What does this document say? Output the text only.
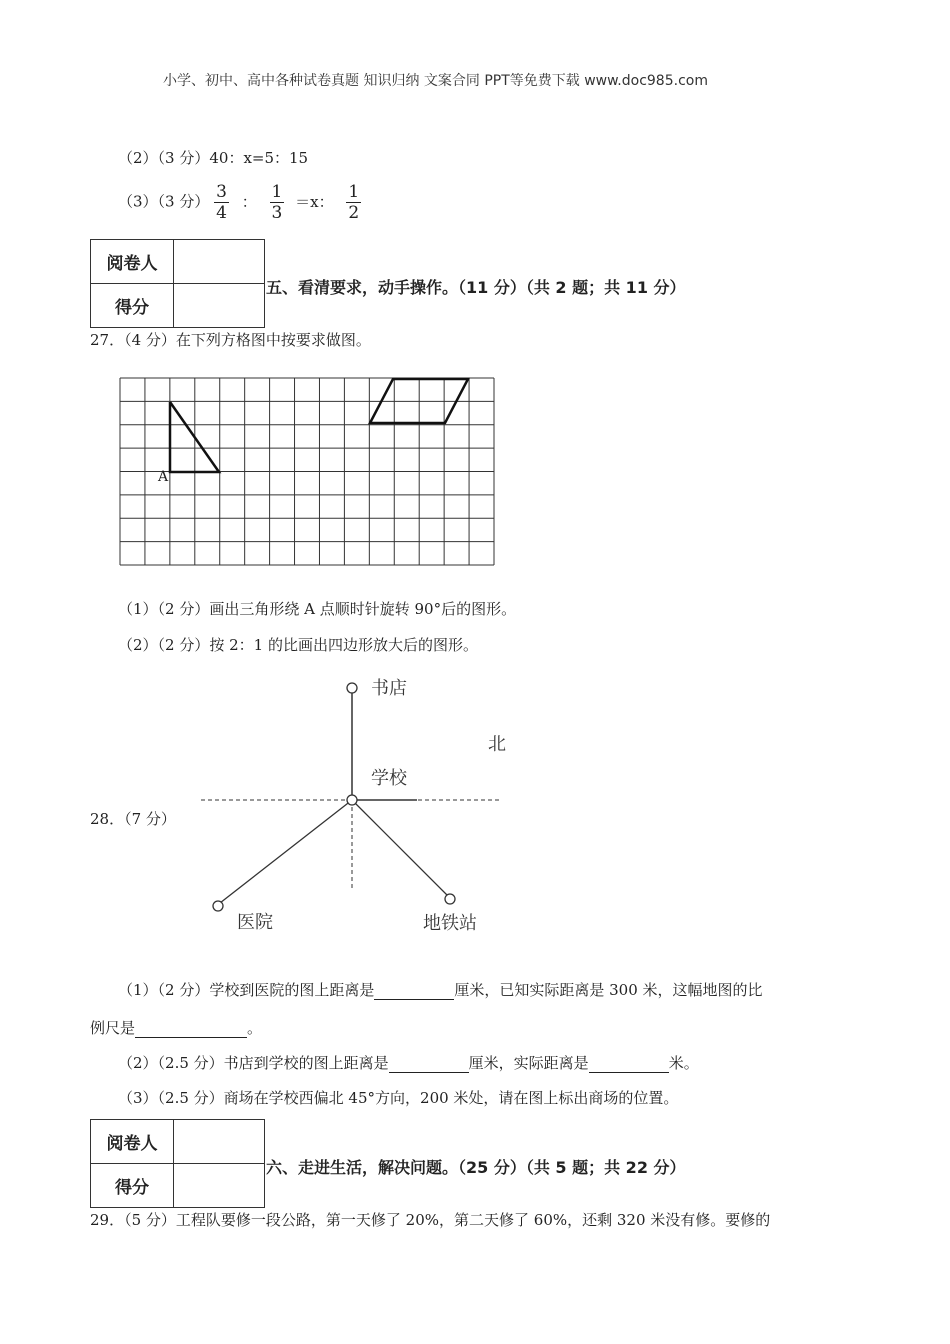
小学、初中、高中各种试卷真题 知识归纳 文案合同 PPT等免费下载 www.doc985.com
（2）（3 分）40：x=5：15
（3）（3 分） $\frac{3}{4}$ ： $\frac{1}{3} =x$： $\frac{1}{2}$
阅卷人	
得分	
五、看清要求，动手操作。（11 分）（共 2 题；共 11 分）
27．（4 分）在下列方格图中按要求做图。
A
（1）（2 分）画出三角形绕 A 点顺时针旋转 90°后的图形。
（2）（2 分）按 2：1 的比画出四边形放大后的图形。
28．（7 分）
书店
学校
北
医院	地铁站
（1）（2 分）学校到医院的图上距离是	厘米，已知实际距离是 300 米，这幅地图的比
例尺是	。
（2）（2.5 分）书店到学校的图上距离是	厘米，实际距离是	米。
（3）（2.5 分）商场在学校西偏北 45°方向，200 米处，请在图上标出商场的位置。
阅卷人	
得分	
六、走进生活，解决问题。（25 分）（共 5 题；共 22 分）
29．（5 分）工程队要修一段公路，第一天修了 20%，第二天修了 60%，还剩 320 米没有修。要修的
